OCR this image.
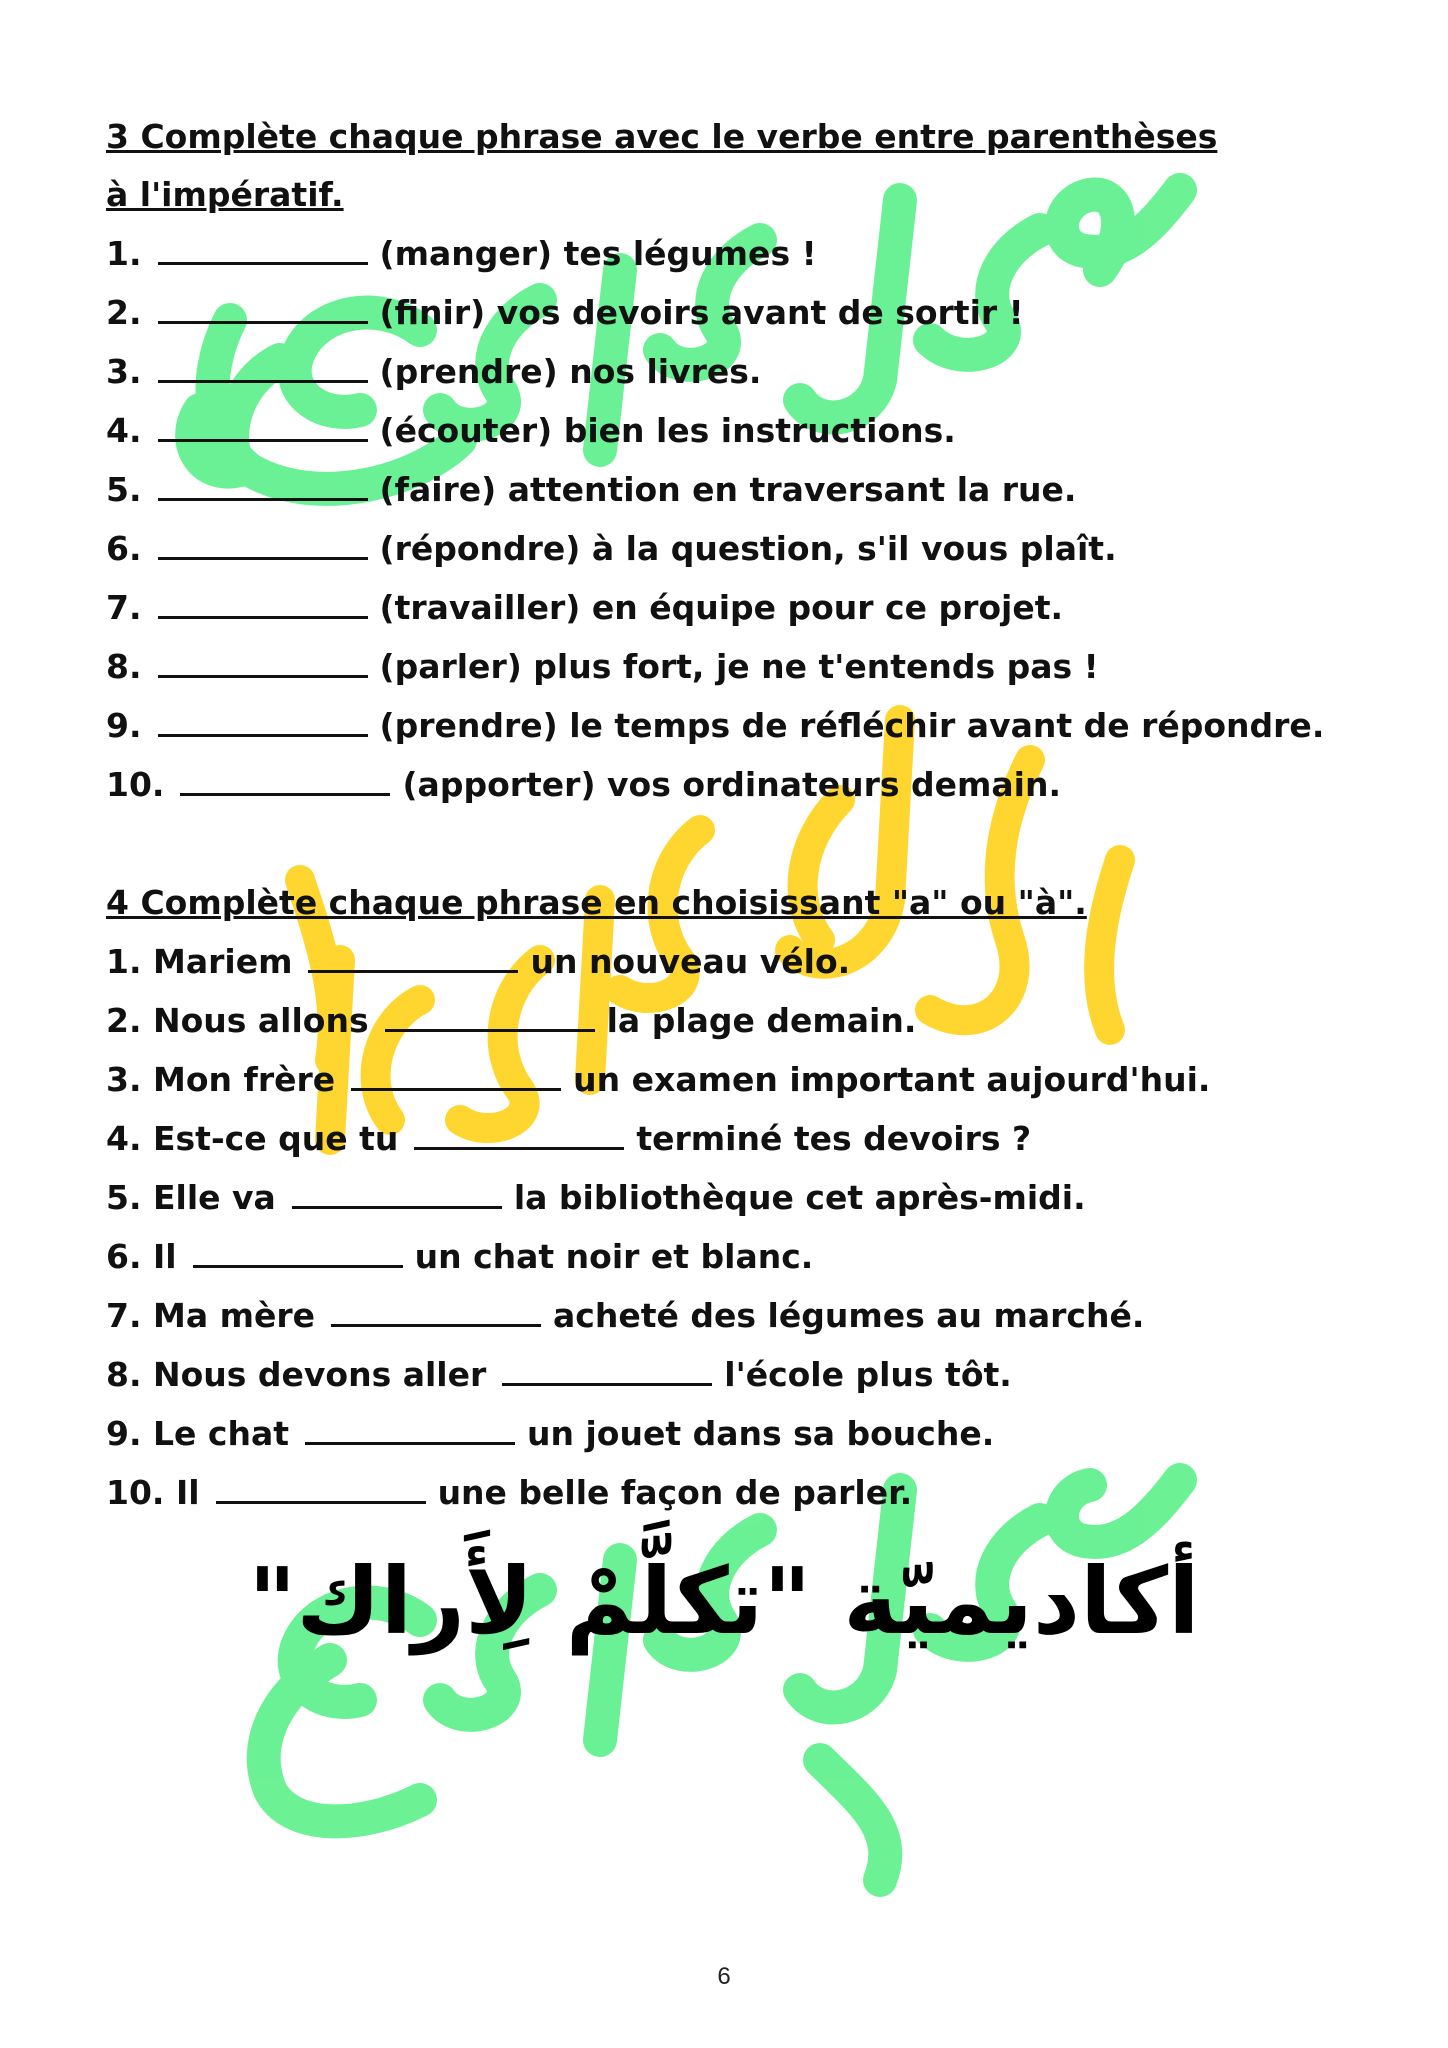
3 Complète chaque phrase avec le verbe entre parenthèses à l'impératif.

1.	(manger) tes légumes !

2.	(finir) vos devoirs avant de sortir !

3.	(prendre) nos livres.

4.	(écouter) bien les instructions.

5.	(faire) attention en traversant la rue.

6.	(répondre) à la question, s'il vous plaît.

7.	(travailler) en équipe pour ce projet.

8.	(parler) plus fort, je ne t'entends pas !

9.	(prendre) le temps de réfléchir avant de répondre.

10.	(apporter) vos ordinateurs demain.

4 Complète chaque phrase en choisissant "a" ou "à".

1. Mariem	un nouveau vélo.

2. Nous allons	la plage demain.

3. Mon frère	un examen important aujourd'hui.

4. Est-ce que tu	terminé tes devoirs ?

5. Elle va	la bibliothèque cet après-midi.

6. Il	un chat noir et blanc.

7. Ma mère	acheté des légumes au marché.

8. Nous devons aller	l'école plus tôt.

9. Le chat	un jouet dans sa bouche.

10. Il	une belle façon de parler.

أكاديميّة "تكلَّمْ لِأَراك"
6
